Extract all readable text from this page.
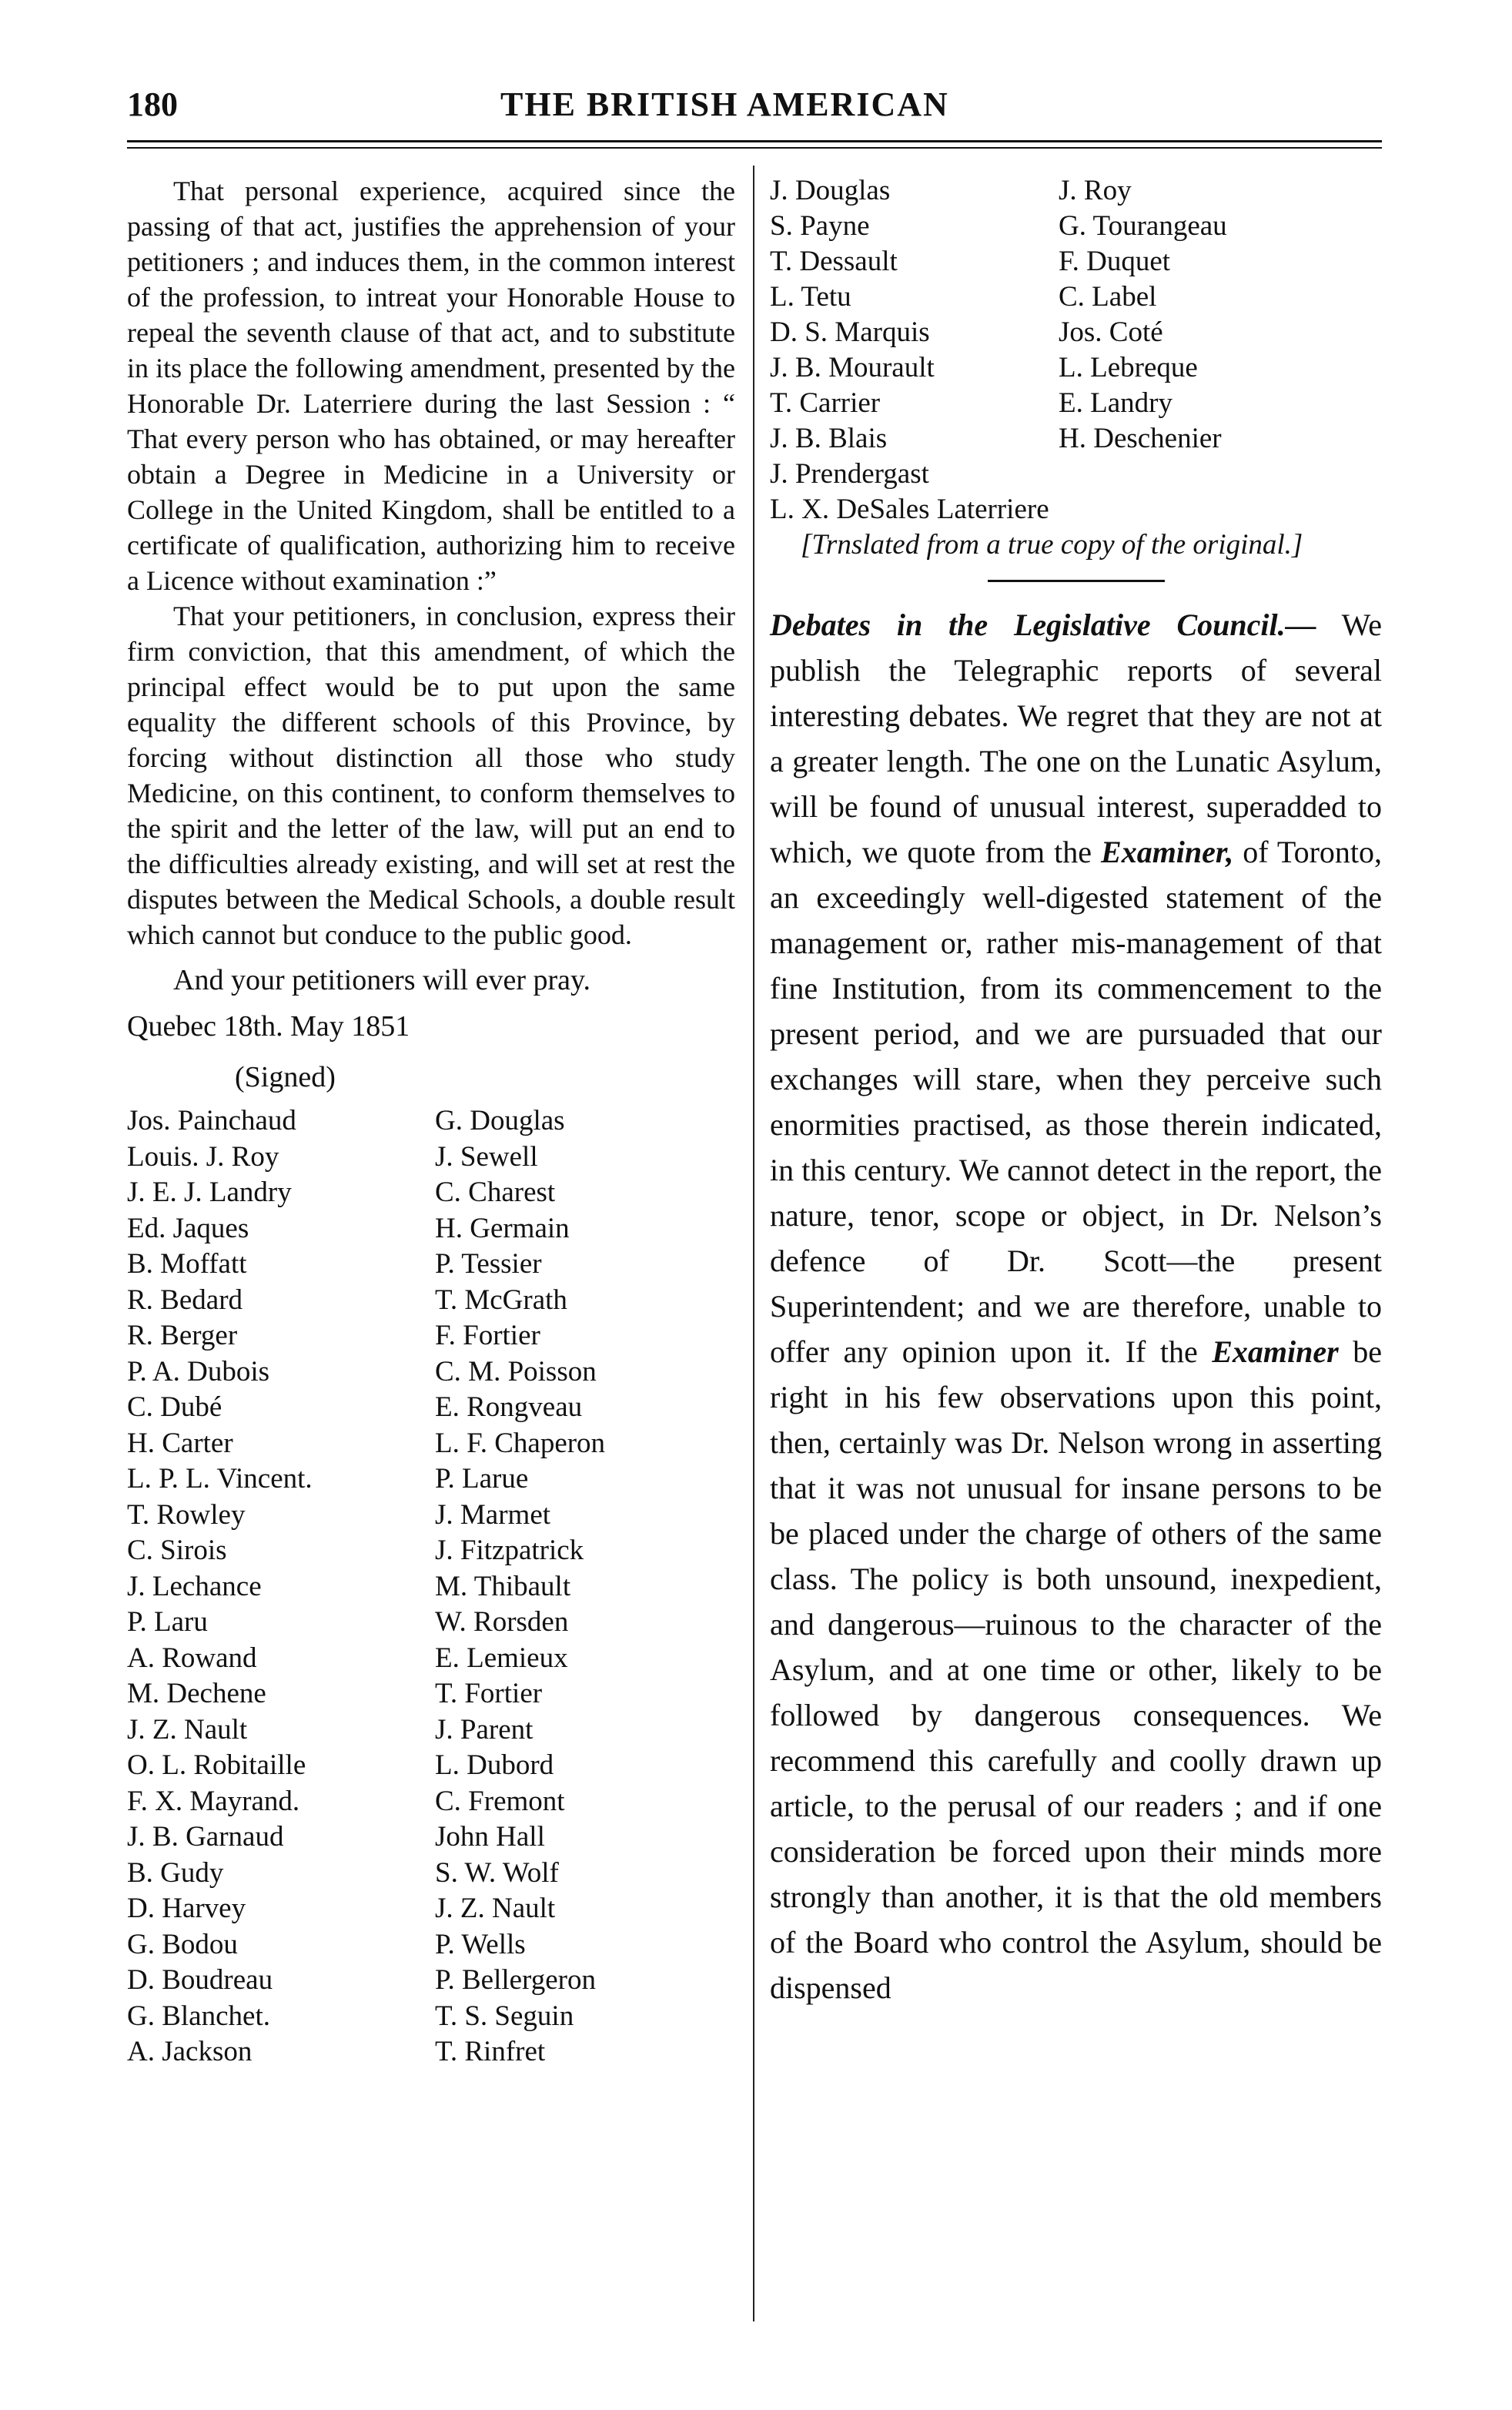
180	THE BRITISH AMERICAN

That personal experience, acquired since the passing of that act, justifies the apprehension of your petitioners ; and induces them, in the common interest of the profession, to intreat your Honorable House to repeal the seventh clause of that act, and to substitute in its place the following amendment, presented by the Honorable Dr. Laterriere during the last Session : “ That every person who has obtained, or may hereafter obtain a Degree in Medicine in a University or College in the United Kingdom, shall be entitled to a certificate of qualification, authorizing him to receive a Licence without examination :”

That your petitioners, in conclusion, express their firm conviction, that this amendment, of which the principal effect would be to put upon the same equality the different schools of this Province, by forcing without distinction all those who study Medicine, on this continent, to conform themselves to the spirit and the letter of the law, will put an end to the difficulties already existing, and will set at rest the disputes between the Medical Schools, a double result which cannot but conduce to the public good.

And your petitioners will ever pray.

Quebec 18th. May 1851

(Signed)

Jos. Painchaud	G. Douglas
Louis. J. Roy	J. Sewell
J. E. J. Landry	C. Charest
Ed. Jaques	H. Germain
B. Moffatt	P. Tessier
R. Bedard	T. McGrath
R. Berger	F. Fortier
P. A. Dubois	C. M. Poisson
C. Dubé	E. Rongveau
H. Carter	L. F. Chaperon
L. P. L. Vincent.	P. Larue
T. Rowley	J. Marmet
C. Sirois	J. Fitzpatrick
J. Lechance	M. Thibault
P. Laru	W. Rorsden
A. Rowand	E. Lemieux
M. Dechene	T. Fortier
J. Z. Nault	J. Parent
O. L. Robitaille	L. Dubord
F. X. Mayrand.	C. Fremont
J. B. Garnaud	John Hall
B. Gudy	S. W. Wolf
D. Harvey	J. Z. Nault
G. Bodou	P. Wells
D. Boudreau	P. Bellergeron
G. Blanchet.	T. S. Seguin
A. Jackson	T. Rinfret
J. Douglas	J. Roy
S. Payne	G. Tourangeau
T. Dessault	F. Duquet
L. Tetu	C. Label
D. S. Marquis	Jos. Coté
J. B. Mourault	L. Lebreque
T. Carrier	E. Landry
J. B. Blais	H. Deschenier
J. Prendergast
L. X. DeSales Laterriere

[Trnslated from a true copy of the original.]

Debates in the Legislative Council.— We publish the Telegraphic reports of several interesting debates. We regret that they are not at a greater length. The one on the Lunatic Asylum, will be found of unusual interest, superadded to which, we quote from the Examiner, of Toronto, an exceedingly well-digested statement of the management or, rather mis-management of that fine Institution, from its commencement to the present period, and we are pursuaded that our exchanges will stare, when they perceive such enormities practised, as those therein indicated, in this century. We cannot detect in the report, the nature, tenor, scope or object, in Dr. Nelson’s defence of Dr. Scott—the present Superintendent; and we are therefore, unable to offer any opinion upon it. If the Examiner be right in his few observations upon this point, then, certainly was Dr. Nelson wrong in asserting that it was not unusual for insane persons to be be placed under the charge of others of the same class. The policy is both unsound, inexpedient, and dangerous—ruinous to the character of the Asylum, and at one time or other, likely to be followed by dangerous consequences. We recommend this carefully and coolly drawn up article, to the perusal of our readers ; and if one consideration be forced upon their minds more strongly than another, it is that the old members of the Board who control the Asylum, should be dispensed
